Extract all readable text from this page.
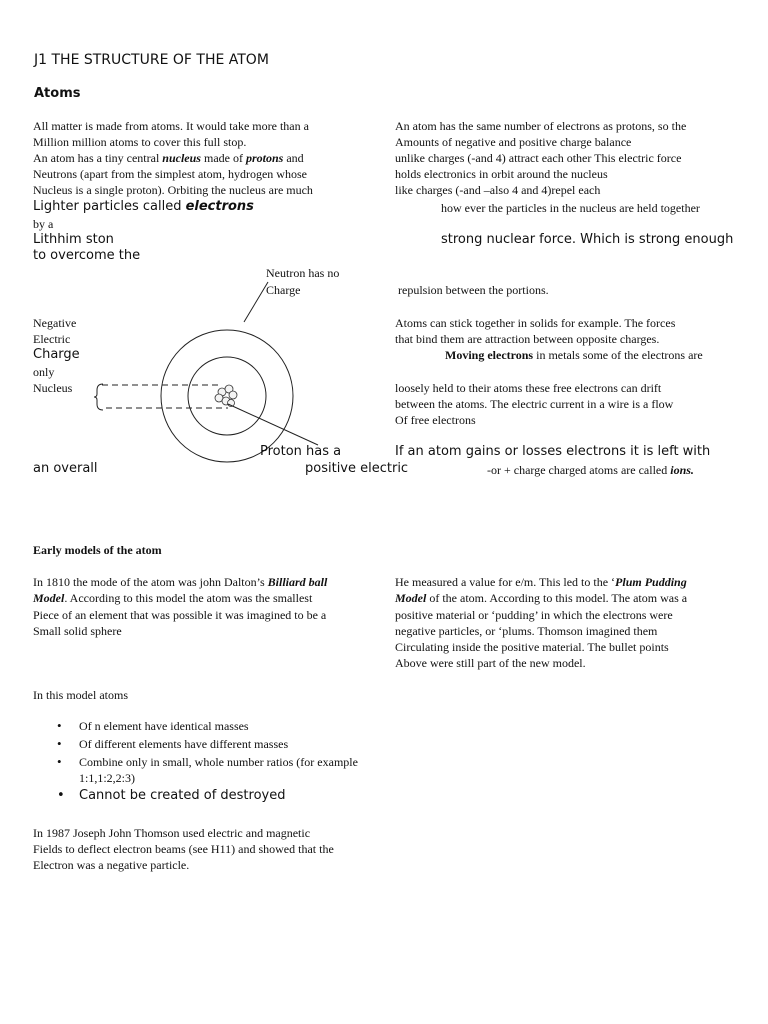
J1 THE STRUCTURE OF THE ATOM
Atoms
All matter is made from atoms. It would take more than a
Million million atoms to cover this full stop.
An atom has a tiny central nucleus made of protons and
Neutrons (apart from the simplest atom, hydrogen whose
Nucleus is a single proton). Orbiting the nucleus are much
Lighter particles called electrons
by a
Lithhim ston
to overcome the
An atom has the same number of electrons as protons, so the
Amounts of negative and positive charge balance
unlike charges (-and 4) attract each other This electric force
holds electronics in orbit around the nucleus
like charges (-and –also 4 and 4)repel each
how ever the particles in the nucleus are held together
strong nuclear force. Which is strong enough
repulsion between the portions.
Atoms can stick together in solids for example. The forces
that bind them are attraction between opposite charges.
Moving electrons in metals some of the electrons are
loosely held to their atoms these free electrons can drift
between the atoms. The electric current in a wire is a flow
Of free electrons
If an atom gains or losses electrons it is left with
-or + charge charged atoms are called ions.
Neutron has no
Charge
Negative
Electric
Charge
only
Nucleus
Proton has a
an overall	positive electric
Early models of the atom
In 1810 the mode of the atom was john Dalton’s Billiard ball
Model. According to this model the atom was the smallest
Piece of an element that was possible it was imagined to be a
Small solid sphere
He measured a value for e/m. This led to the ‘Plum Pudding
Model of the atom. According to this model. The atom was a
positive material or ‘pudding’ in which the electrons were
negative particles, or ‘plums. Thomson imagined them
Circulating inside the positive material. The bullet points
Above were still part of the new model.
In this model atoms
• Of n element have identical masses
• Of different elements have different masses
• Combine only in small, whole number ratios (for example
1:1,1:2,2:3)
• Cannot be created of destroyed
In 1987 Joseph John Thomson used electric and magnetic
Fields to deflect electron beams (see H11) and showed that the
Electron was a negative particle.
